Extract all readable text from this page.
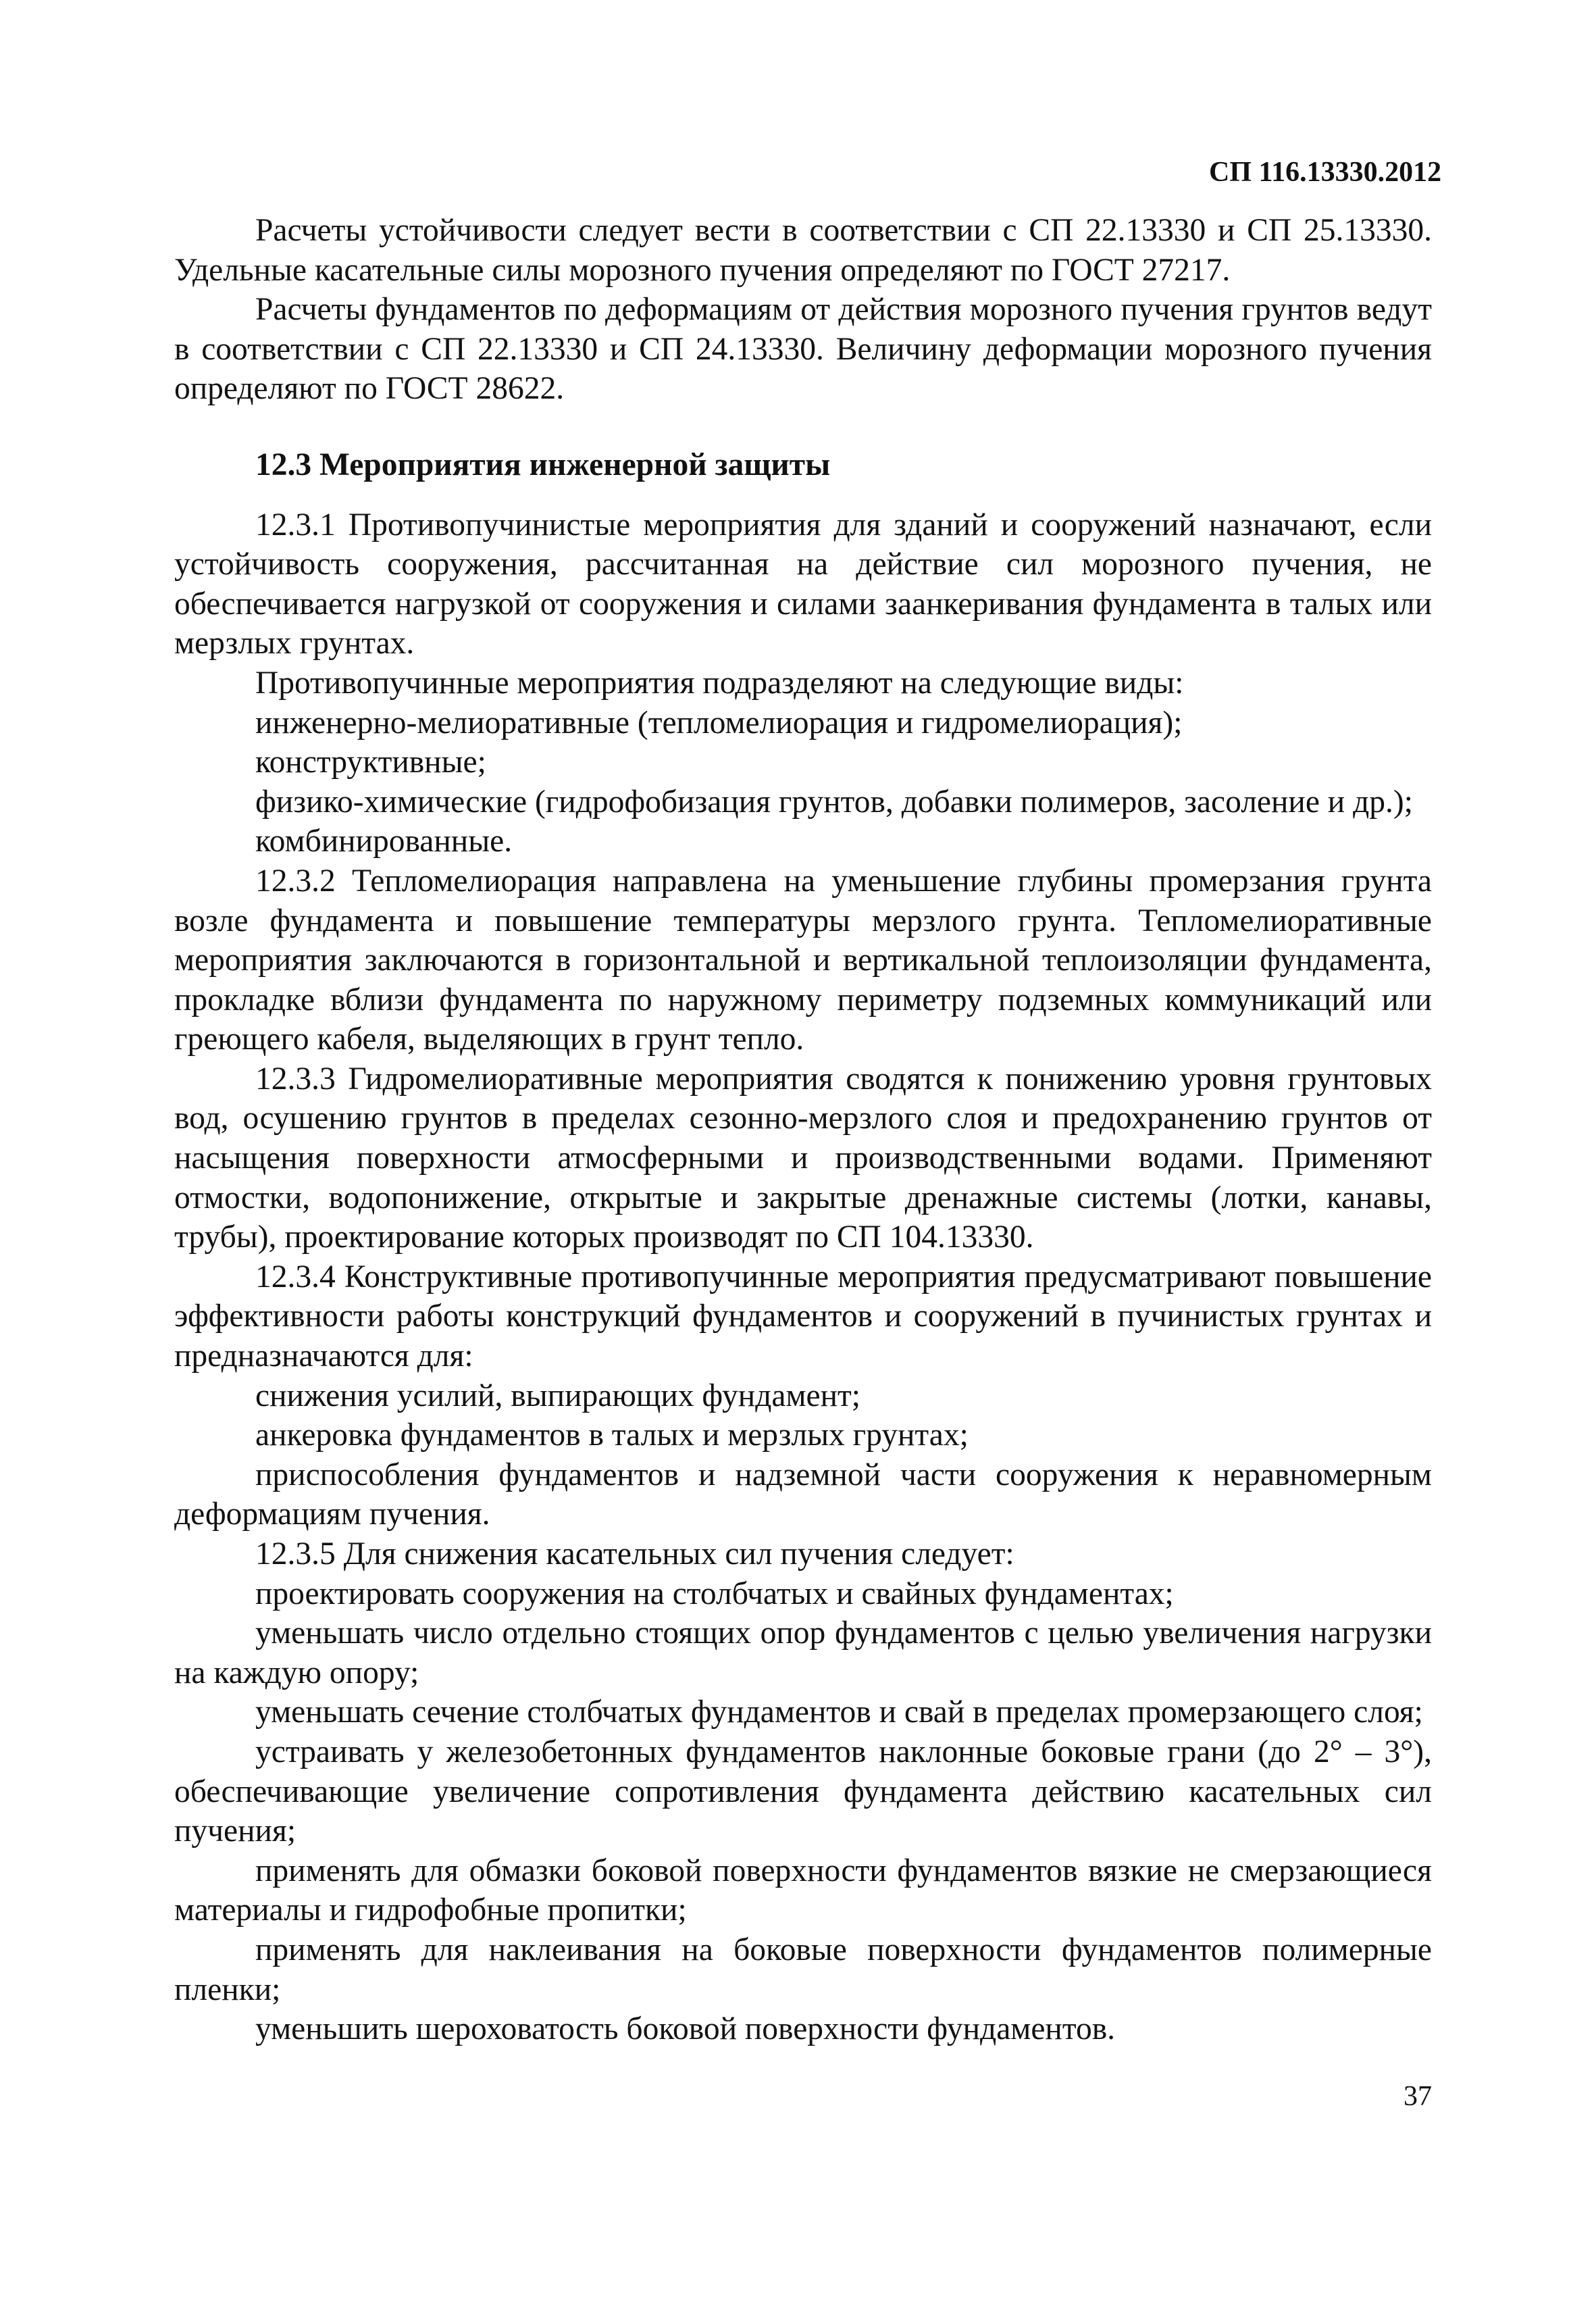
СП 116.13330.2012

Расчеты устойчивости следует вести в соответствии с СП 22.13330 и СП 25.13330. Удельные касательные силы морозного пучения определяют по ГОСТ 27217.

Расчеты фундаментов по деформациям от действия морозного пучения грунтов ведут в соответствии с СП 22.13330 и СП 24.13330. Величину деформации морозного пучения определяют по ГОСТ 28622.

12.3 Мероприятия инженерной защиты

12.3.1 Противопучинистые мероприятия для зданий и сооружений назначают, если устойчивость сооружения, рассчитанная на действие сил морозного пучения, не обеспечивается нагрузкой от сооружения и силами заанкеривания фундамента в талых или мерзлых грунтах.

Противопучинные мероприятия подразделяют на следующие виды:

инженерно-мелиоративные (тепломелиорация и гидромелиорация);

конструктивные;

физико-химические (гидрофобизация грунтов, добавки полимеров, засоление и др.);

комбинированные.

12.3.2 Тепломелиорация направлена на уменьшение глубины промерзания грунта возле фундамента и повышение температуры мерзлого грунта. Тепломелиоративные мероприятия заключаются в горизонтальной и вертикальной теплоизоляции фундамента, прокладке вблизи фундамента по наружному периметру подземных коммуникаций или греющего кабеля, выделяющих в грунт тепло.

12.3.3 Гидромелиоративные мероприятия сводятся к понижению уровня грунтовых вод, осушению грунтов в пределах сезонно-мерзлого слоя и предохранению грунтов от насыщения поверхности атмосферными и производственными водами. Применяют отмостки, водопонижение, открытые и закрытые дренажные системы (лотки, канавы, трубы), проектирование которых производят по СП 104.13330.

12.3.4 Конструктивные противопучинные мероприятия предусматривают повышение эффективности работы конструкций фундаментов и сооружений в пучинистых грунтах и предназначаются для:

снижения усилий, выпирающих фундамент;

анкеровка фундаментов в талых и мерзлых грунтах;

приспособления фундаментов и надземной части сооружения к неравномерным деформациям пучения.

12.3.5 Для снижения касательных сил пучения следует:

проектировать сооружения на столбчатых и свайных фундаментах;

уменьшать число отдельно стоящих опор фундаментов с целью увеличения нагрузки на каждую опору;

уменьшать сечение столбчатых фундаментов и свай в пределах промерзающего слоя;

устраивать у железобетонных фундаментов наклонные боковые грани (до 2° – 3°), обеспечивающие увеличение сопротивления фундамента действию касательных сил пучения;

применять для обмазки боковой поверхности фундаментов вязкие не смерзающиеся материалы и гидрофобные пропитки;

применять для наклеивания на боковые поверхности фундаментов полимерные пленки;

уменьшить шероховатость боковой поверхности фундаментов.

37
